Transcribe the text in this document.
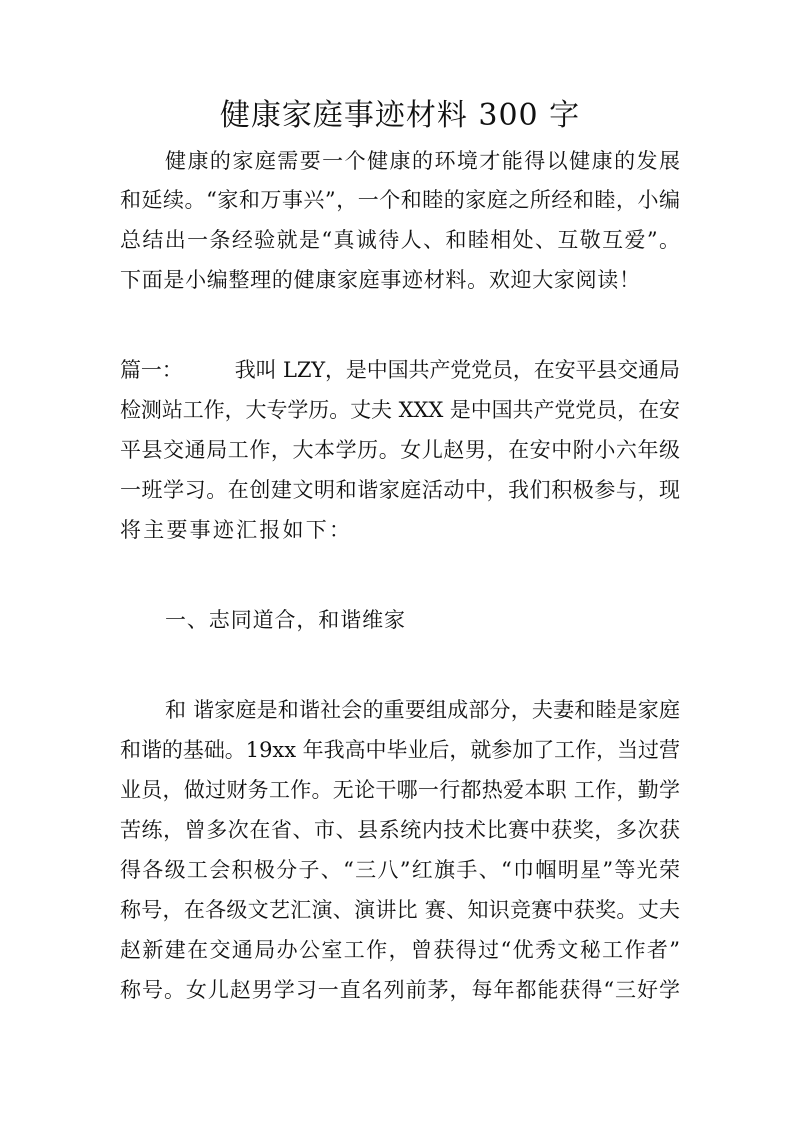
健康家庭事迹材料 300 字
健康的家庭需要一个健康的环境才能得以健康的发展
和延续。“家和万事兴”，一个和睦的家庭之所经和睦，小编
总结出一条经验就是“真诚待人、和睦相处、互敬互爱”。
下面是小编整理的健康家庭事迹材料。欢迎大家阅读！
篇一：　　　我叫 LZY，是中国共产党党员，在安平县交通局
检测站工作，大专学历。丈夫 XXX 是中国共产党党员，在安
平县交通局工作，大本学历。女儿赵男，在安中附小六年级
一班学习。在创建文明和谐家庭活动中，我们积极参与，现
将主要事迹汇报如下：
一、志同道合，和谐维家
和 谐家庭是和谐社会的重要组成部分，夫妻和睦是家庭
和谐的基础。19xx 年我高中毕业后，就参加了工作，当过营
业员，做过财务工作。无论干哪一行都热爱本职 工作，勤学
苦练，曾多次在省、市、县系统内技术比赛中获奖，多次获
得各级工会积极分子、“三八”红旗手、“巾帼明星”等光荣
称号，在各级文艺汇演、演讲比 赛、知识竞赛中获奖。丈夫
赵新建在交通局办公室工作，曾获得过“优秀文秘工作者”
称号。女儿赵男学习一直名列前茅，每年都能获得“三好学
